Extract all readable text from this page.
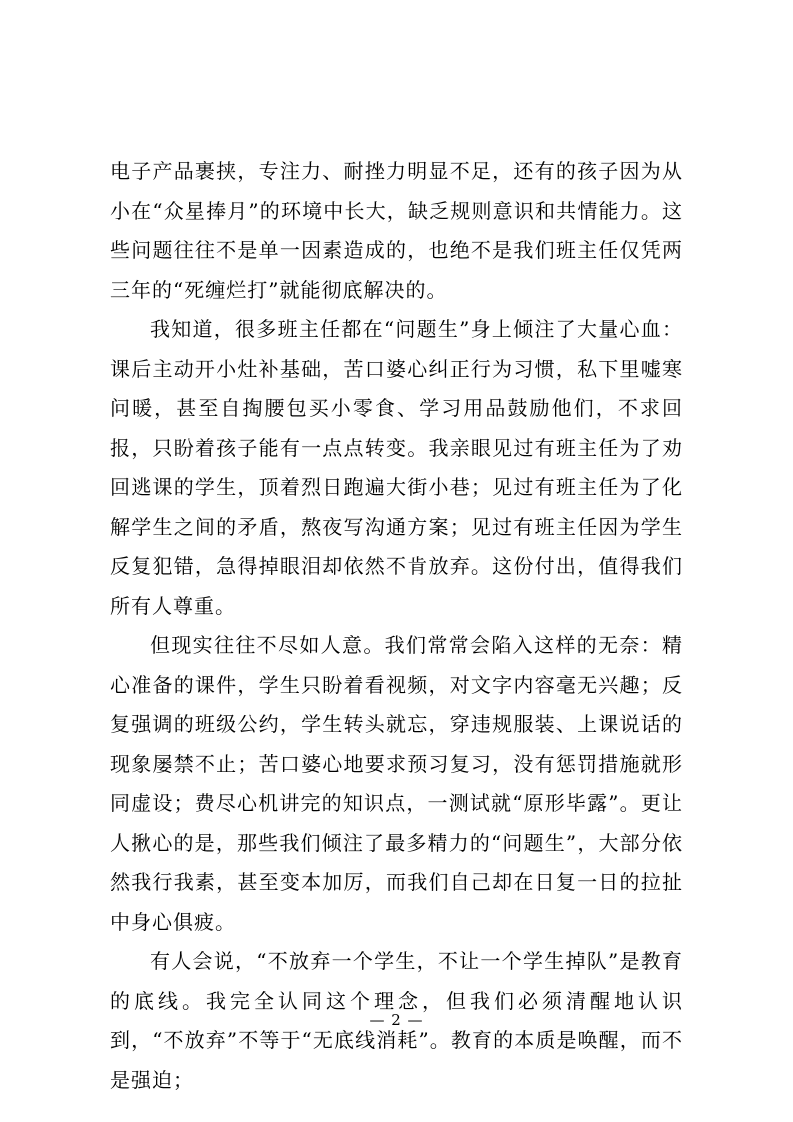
电子产品裹挟，专注力、耐挫力明显不足，还有的孩子因为从小在“众星捧月”的环境中长大，缺乏规则意识和共情能力。这些问题往往不是单一因素造成的，也绝不是我们班主任仅凭两三年的“死缠烂打”就能彻底解决的。

我知道，很多班主任都在“问题生”身上倾注了大量心血：课后主动开小灶补基础，苦口婆心纠正行为习惯，私下里嘘寒问暖，甚至自掏腰包买小零食、学习用品鼓励他们，不求回报，只盼着孩子能有一点点转变。我亲眼见过有班主任为了劝回逃课的学生，顶着烈日跑遍大街小巷；见过有班主任为了化解学生之间的矛盾，熬夜写沟通方案；见过有班主任因为学生反复犯错，急得掉眼泪却依然不肯放弃。这份付出，值得我们所有人尊重。

但现实往往不尽如人意。我们常常会陷入这样的无奈：精心准备的课件，学生只盼着看视频，对文字内容毫无兴趣；反复强调的班级公约，学生转头就忘，穿违规服装、上课说话的现象屡禁不止；苦口婆心地要求预习复习，没有惩罚措施就形同虚设；费尽心机讲完的知识点，一测试就“原形毕露”。更让人揪心的是，那些我们倾注了最多精力的“问题生”，大部分依然我行我素，甚至变本加厉，而我们自己却在日复一日的拉扯中身心俱疲。

有人会说，“不放弃一个学生，不让一个学生掉队”是教育的底线。我完全认同这个理念，但我们必须清醒地认识到，“不放弃”不等于“无底线消耗”。教育的本质是唤醒，而不是强迫；

— 2 —
